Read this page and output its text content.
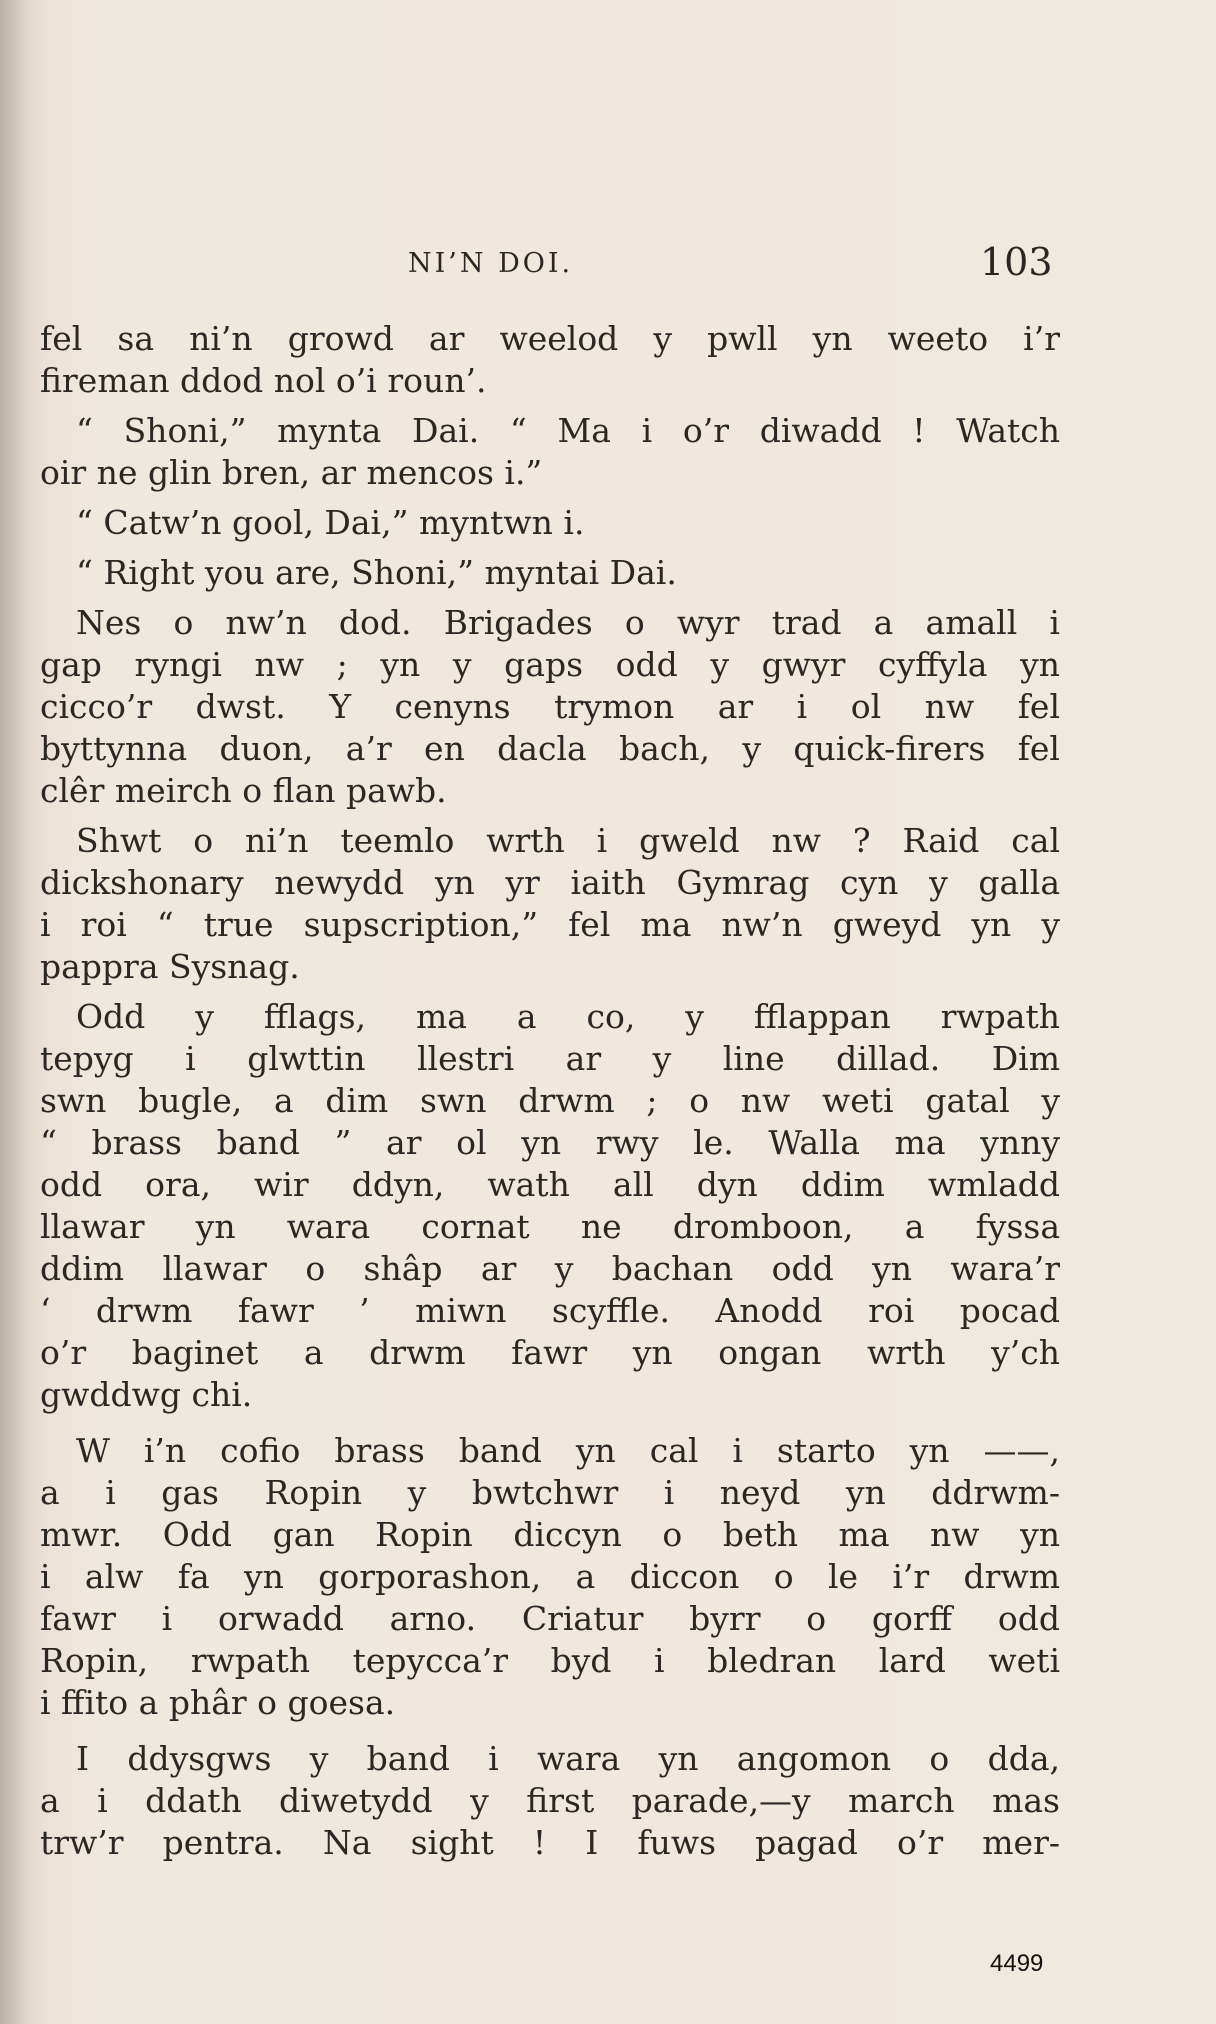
NI’N DOI.	103
fel sa ni’n growd ar weelod y pwll yn weeto i’r
fireman ddod nol o’i roun’.
“ Shoni,” mynta Dai. “ Ma i o’r diwadd ! Watch
oir ne glin bren, ar mencos i.”
“ Catw’n gool, Dai,” myntwn i.
“ Right you are, Shoni,” myntai Dai.
Nes o nw’n dod. Brigades o wyr trad a amall i
gap ryngi nw ; yn y gaps odd y gwyr cyffyla yn
cicco’r dwst. Y cenyns trymon ar i ol nw fel
byttynna duon, a’r en dacla bach, y quick-firers fel
clêr meirch o flan pawb.
Shwt o ni’n teemlo wrth i gweld nw ? Raid cal
dickshonary newydd yn yr iaith Gymrag cyn y galla
i roi “ true supscription,” fel ma nw’n gweyd yn y
pappra Sysnag.
Odd y fflags, ma a co, y fflappan rwpath
tepyg i glwttin llestri ar y line dillad. Dim
swn bugle, a dim swn drwm ; o nw weti gatal y
“ brass band ” ar ol yn rwy le. Walla ma ynny
odd ora, wir ddyn, wath all dyn ddim wmladd
llawar yn wara cornat ne dromboon, a fyssa
ddim llawar o shâp ar y bachan odd yn wara’r
‘ drwm fawr ’ miwn scyffle. Anodd roi pocad
o’r baginet a drwm fawr yn ongan wrth y’ch
gwddwg chi.
W i’n cofio brass band yn cal i starto yn ——,
a i gas Ropin y bwtchwr i neyd yn ddrwm-
mwr. Odd gan Ropin diccyn o beth ma nw yn
i alw fa yn gorporashon, a diccon o le i’r drwm
fawr i orwadd arno. Criatur byrr o gorff odd
Ropin, rwpath tepycca’r byd i bledran lard weti
i ffito a phâr o goesa.
I ddysgws y band i wara yn angomon o dda,
a i ddath diwetydd y first parade,—y march mas
trw’r pentra. Na sight ! I fuws pagad o’r mer-
4499
